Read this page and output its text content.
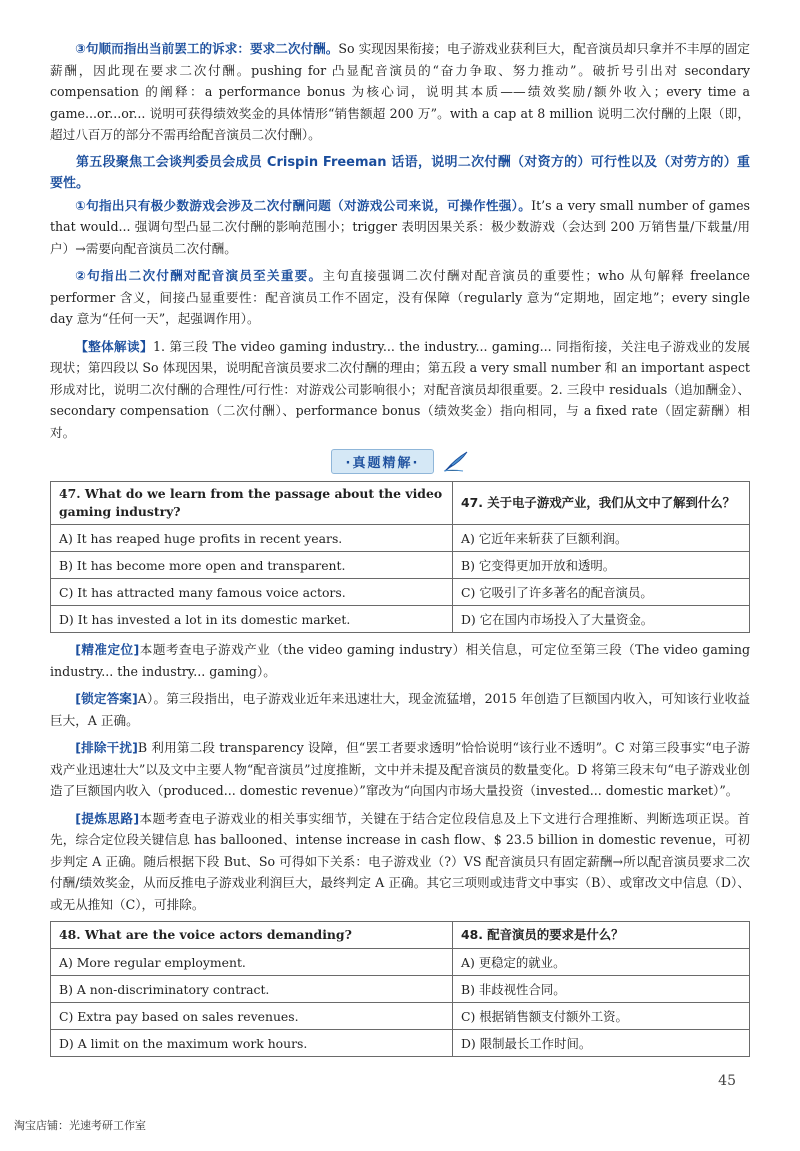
③句顺而指出当前罢工的诉求：要求二次付酬。So 实现因果衔接；电子游戏业获利巨大，配音演员却只拿并不丰厚的固定薪酬，因此现在要求二次付酬。pushing for 凸显配音演员的“奋力争取、努力推动”。破折号引出对 secondary compensation 的阐释：a performance bonus 为核心词，说明其本质——绩效奖励/额外收入；every time a game...or...or... 说明可获得绩效奖金的具体情形“销售额超 200 万”。with a cap at 8 million 说明二次付酬的上限（即，超过八百万的部分不需再给配音演员二次付酬）。

第五段聚焦工会谈判委员会成员 Crispin Freeman 话语，说明二次付酬（对资方的）可行性以及（对劳方的）重要性。

①句指出只有极少数游戏会涉及二次付酬问题（对游戏公司来说，可操作性强）。It’s a very small number of games that would... 强调句型凸显二次付酬的影响范围小；trigger 表明因果关系：极少数游戏（会达到 200 万销售量/下载量/用户）→需要向配音演员二次付酬。

②句指出二次付酬对配音演员至关重要。主句直接强调二次付酬对配音演员的重要性；who 从句解释 freelance performer 含义，间接凸显重要性：配音演员工作不固定，没有保障（regularly 意为“定期地，固定地”；every single day 意为“任何一天”，起强调作用）。

【整体解读】1. 第三段 The video gaming industry... the industry... gaming... 同指衔接，关注电子游戏业的发展现状；第四段以 So 体现因果，说明配音演员要求二次付酬的理由；第五段 a very small number 和 an important aspect 形成对比，说明二次付酬的合理性/可行性：对游戏公司影响很小；对配音演员却很重要。2. 三段中 residuals（追加酬金）、secondary compensation（二次付酬）、performance bonus（绩效奖金）指向相同，与 a fixed rate（固定薪酬）相对。

·真题精解·
47. What do we learn from the passage about the video gaming industry?	47. 关于电子游戏产业，我们从文中了解到什么？
A) It has reaped huge profits in recent years.	A) 它近年来斩获了巨额利润。
B) It has become more open and transparent.	B) 它变得更加开放和透明。
C) It has attracted many famous voice actors.	C) 它吸引了许多著名的配音演员。
D) It has invested a lot in its domestic market.	D) 它在国内市场投入了大量资金。

[精准定位]本题考查电子游戏产业（the video gaming industry）相关信息，可定位至第三段（The video gaming industry... the industry... gaming）。

[锁定答案]A）。第三段指出，电子游戏业近年来迅速壮大，现金流猛增，2015 年创造了巨额国内收入，可知该行业收益巨大，A 正确。

[排除干扰]B 利用第二段 transparency 设障，但“罢工者要求透明”恰恰说明“该行业不透明”。C 对第三段事实“电子游戏产业迅速壮大”以及文中主要人物“配音演员”过度推断，文中并未提及配音演员的数量变化。D 将第三段末句“电子游戏业创造了巨额国内收入（produced... domestic revenue）”窜改为“向国内市场大量投资（invested... domestic market）”。

[提炼思路]本题考查电子游戏业的相关事实细节，关键在于结合定位段信息及上下文进行合理推断、判断选项正误。首先，综合定位段关键信息 has ballooned、intense increase in cash flow、$ 23.5 billion in domestic revenue，可初步判定 A 正确。随后根据下段 But、So 可得如下关系：电子游戏业（?）VS 配音演员只有固定薪酬→所以配音演员要求二次付酬/绩效奖金，从而反推电子游戏业利润巨大，最终判定 A 正确。其它三项则或违背文中事实（B）、或窜改文中信息（D）、或无从推知（C），可排除。

48. What are the voice actors demanding?	48. 配音演员的要求是什么？
A) More regular employment.	A) 更稳定的就业。
B) A non-discriminatory contract.	B) 非歧视性合同。
C) Extra pay based on sales revenues.	C) 根据销售额支付额外工资。
D) A limit on the maximum work hours.	D) 限制最长工作时间。
45
淘宝店铺：光速考研工作室
